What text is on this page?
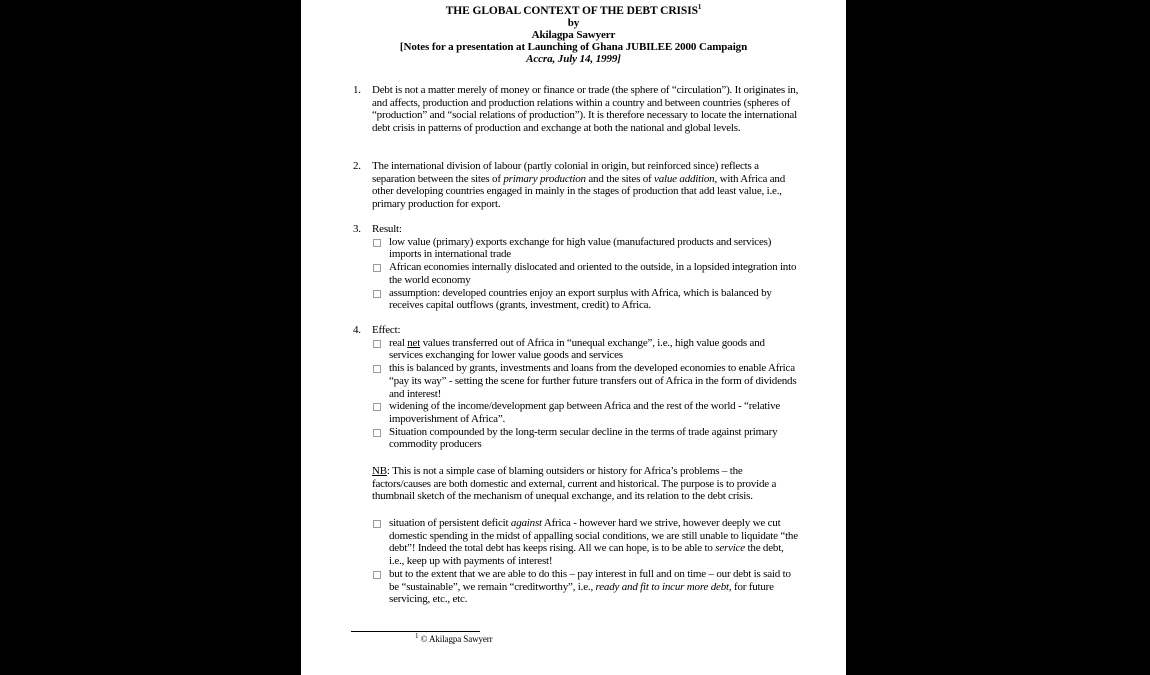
THE GLOBAL CONTEXT OF THE DEBT CRISIS$^1$
by
Akilagpa Sawyerr
[Notes for a presentation at Launching of Ghana JUBILEE 2000 Campaign
Accra, July 14, 1999]
1.	Debt is not a matter merely of money or finance or trade (the sphere of “circulation”). It originates in, and affects, production and production relations within a country and between countries (spheres of “production” and “social relations of production”). It is therefore necessary to locate the international debt crisis in patterns of production and exchange at both the national and global levels.
2.	The international division of labour (partly colonial in origin, but reinforced since) reflects a separation between the sites of primary production and the sites of value addition, with Africa and other developing countries engaged in mainly in the stages of production that add least value, i.e., primary production for export.
3.	Result:
low value (primary) exports exchange for high value (manufactured products and services) imports in international trade
African economies internally dislocated and oriented to the outside, in a lopsided integration into the world economy
assumption: developed countries enjoy an export surplus with Africa, which is balanced by receives capital outflows (grants, investment, credit) to Africa.
4.	Effect:
real net values transferred out of Africa in “unequal exchange”, i.e., high value goods and services exchanging for lower value goods and services
this is balanced by grants, investments and loans from the developed economies to enable Africa “pay its way” - setting the scene for further future transfers out of Africa in the form of dividends and interest!
widening of the income/development gap between Africa and the rest of the world - “relative impoverishment of Africa”.
Situation compounded by the long-term secular decline in the terms of trade against primary commodity producers
NB: This is not a simple case of blaming outsiders or history for Africa’s problems – the factors/causes are both domestic and external, current and historical. The purpose is to provide a thumbnail sketch of the mechanism of unequal exchange, and its relation to the debt crisis.
situation of persistent deficit against Africa - however hard we strive, however deeply we cut domestic spending in the midst of appalling social conditions, we are still unable to liquidate “the debt”! Indeed the total debt has keeps rising. All we can hope, is to be able to service the debt, i.e., keep up with payments of interest!
but to the extent that we are able to do this – pay interest in full and on time – our debt is said to be “sustainable”, we remain “creditworthy”, i.e., ready and fit to incur more debt, for future servicing, etc., etc.
$^1$ © Akilagpa Sawyerr
